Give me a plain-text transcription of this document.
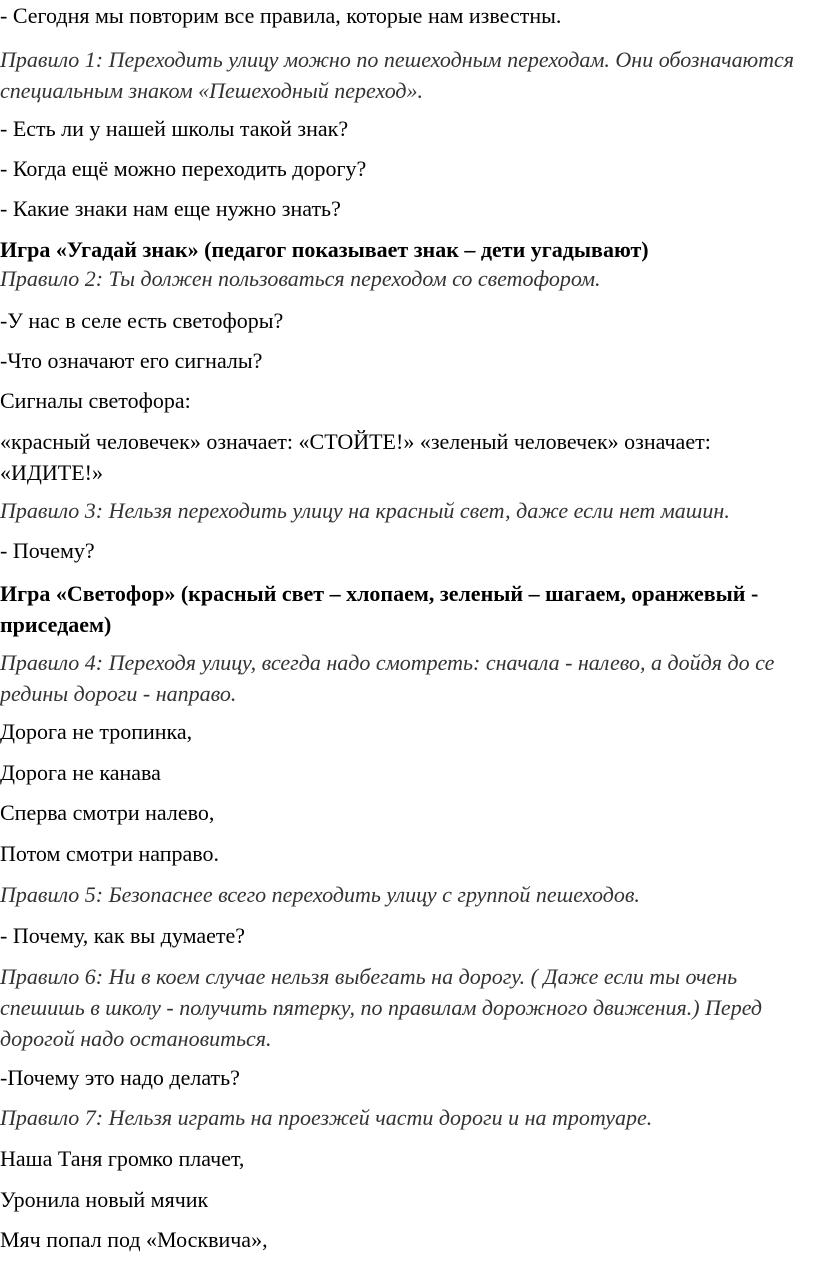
- Сегодня мы повторим все правила, которые нам известны.
Правило 1: Переходить улицу можно по пешеходным переходам. Они обозначаются специальным знаком «Пешеходный переход».
- Есть ли у нашей школы такой знак?
- Когда ещё можно переходить дорогу?
- Какие знаки нам еще нужно знать?
Игра «Угадай знак» (педагог показывает знак – дети угадывают)
Правило 2: Ты должен пользоваться переходом со светофором.
-У нас в селе есть светофоры?
-Что означают его сигналы?
Сигналы светофора:
«красный человечек» означает: «СТОЙТЕ!» «зеленый человечек» означает: «ИДИТЕ!»
Правило 3: Нельзя переходить улицу на красный свет, даже если нет машин.
- Почему?
Игра «Светофор» (красный свет – хлопаем, зеленый – шагаем, оранжевый - приседаем)
Правило 4: Переходя улицу, всегда надо смотреть: сначала - налево, а дойдя до се редины дороги - направо.
Дорога не тропинка,
Дорога не канава
Сперва смотри налево,
Потом смотри направо.
Правило 5: Безопаснее всего переходить улицу с группой пешеходов.
- Почему, как вы думаете?
Правило 6: Ни в коем случае нельзя выбегать на дорогу. ( Даже если ты очень спешишь в школу - получить пятерку, по правилам дорожного движения.) Перед дорогой надо остановиться.
-Почему это надо делать?
Правило 7: Нельзя играть на проезжей части дороги и на тротуаре.
Наша Таня громко плачет,
Уронила новый мячик
Мяч попал под «Москвича»,
